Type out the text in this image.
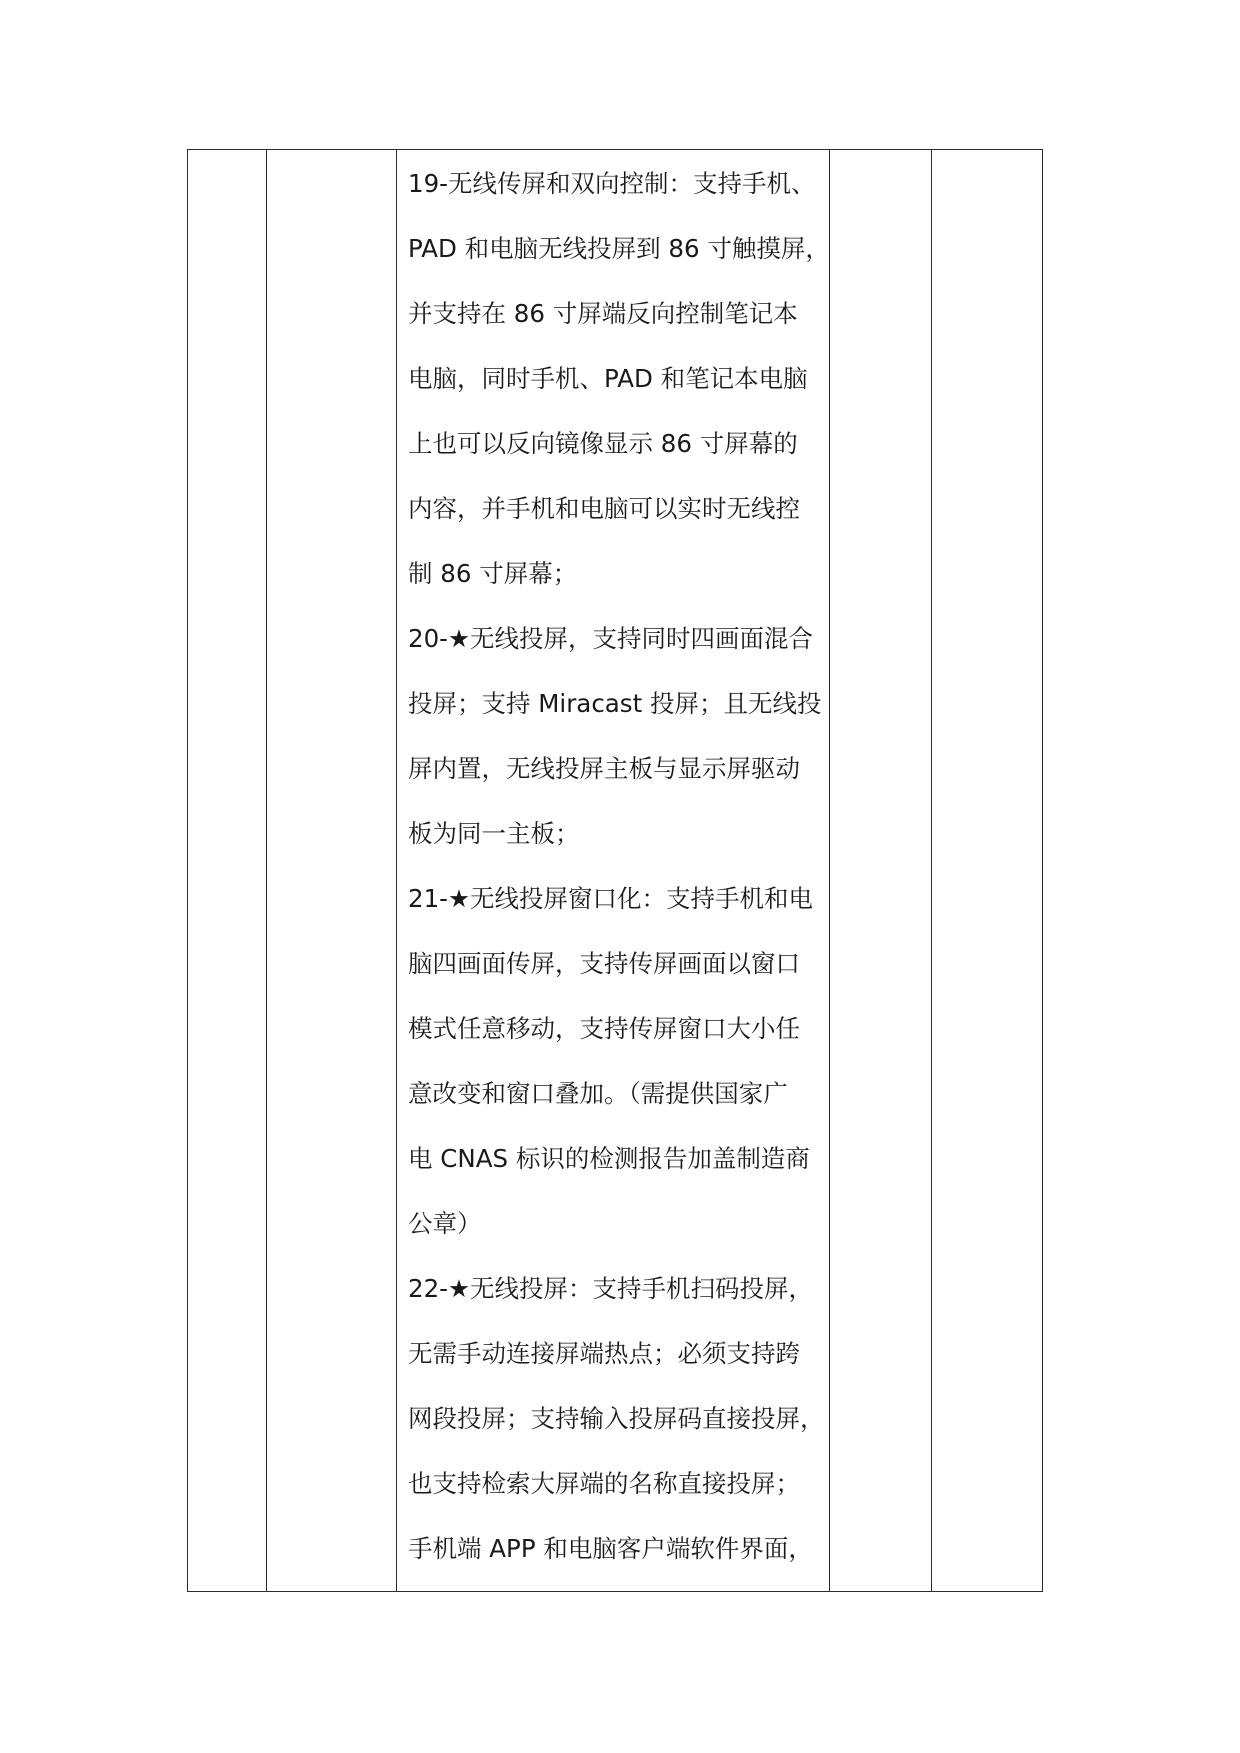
19-无线传屏和双向控制：支持手机、
PAD 和电脑无线投屏到 86 寸触摸屏，
并支持在 86 寸屏端反向控制笔记本
电脑，同时手机、PAD 和笔记本电脑
上也可以反向镜像显示 86 寸屏幕的
内容，并手机和电脑可以实时无线控
制 86 寸屏幕；
20-★无线投屏，支持同时四画面混合
投屏；支持 Miracast 投屏；且无线投
屏内置，无线投屏主板与显示屏驱动
板为同一主板；
21-★无线投屏窗口化：支持手机和电
脑四画面传屏，支持传屏画面以窗口
模式任意移动，支持传屏窗口大小任
意改变和窗口叠加。（需提供国家广
电 CNAS 标识的检测报告加盖制造商
公章）
22-★无线投屏：支持手机扫码投屏，
无需手动连接屏端热点；必须支持跨
网段投屏；支持输入投屏码直接投屏，
也支持检索大屏端的名称直接投屏；
手机端 APP 和电脑客户端软件界面，
